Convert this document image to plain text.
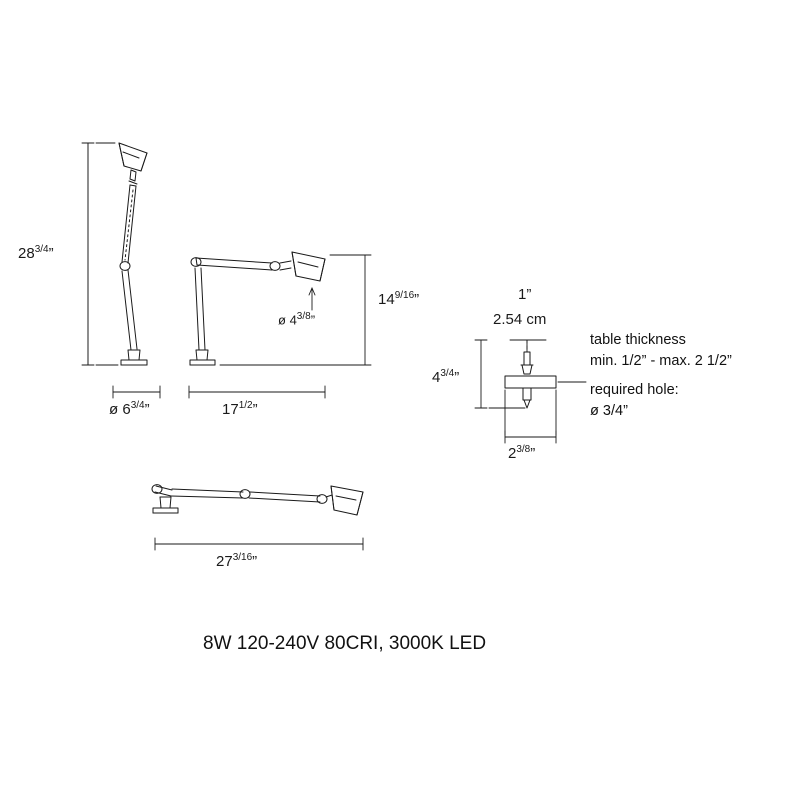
$28^{3/4}$”
ø $6^{3/4}$”	$17^{1/2}$”
$14^{9/16}$”
ø $4^{3/8}$”
$27^{3/16}$”
1”
2.54 cm
$4^{3/4}$”
$2^{3/8}$”
table thickness
min. 1/2” - max. 2 1/2”
required hole:
ø 3/4”
8W 120-240V 80CRI, 3000K LED
